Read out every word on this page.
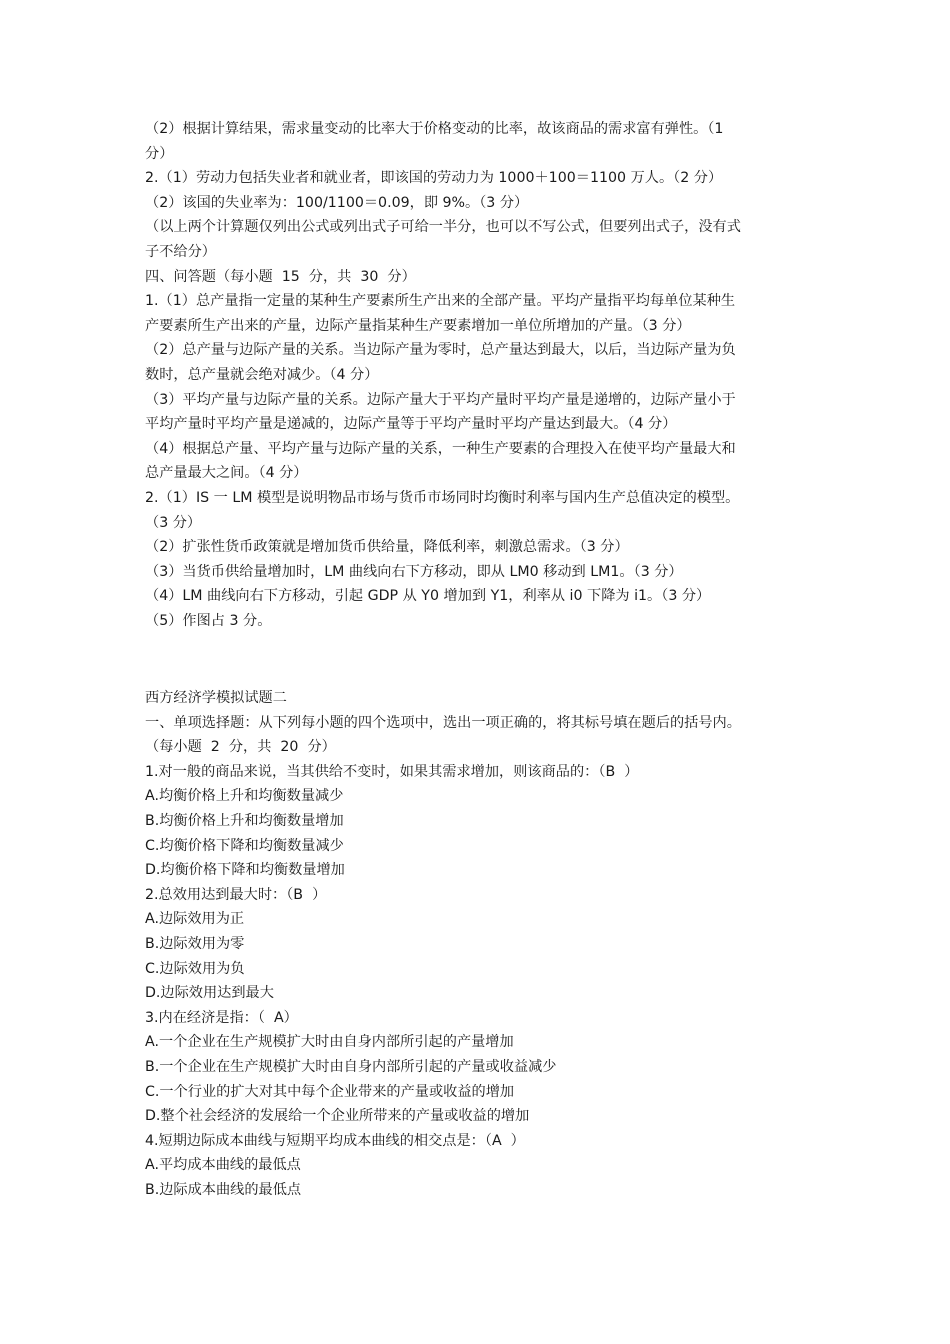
（2）根据计算结果，需求量变动的比率大于价格变动的比率，故该商品的需求富有弹性。（1
分）
2.（1）劳动力包括失业者和就业者，即该国的劳动力为 1000＋100＝1100 万人。（2 分）
（2）该国的失业率为：100/1100＝0.09，即 9%。（3 分）
（以上两个计算题仅列出公式或列出式子可给一半分，也可以不写公式，但要列出式子，没有式
子不给分）
四、问答题（每小题  15  分，共  30  分）
1.（1）总产量指一定量的某种生产要素所生产出来的全部产量。平均产量指平均每单位某种生
产要素所生产出来的产量，边际产量指某种生产要素增加一单位所增加的产量。（3 分）
（2）总产量与边际产量的关系。当边际产量为零时，总产量达到最大，以后，当边际产量为负
数时，总产量就会绝对减少。（4 分）
（3）平均产量与边际产量的关系。边际产量大于平均产量时平均产量是递增的，边际产量小于
平均产量时平均产量是递减的，边际产量等于平均产量时平均产量达到最大。（4 分）
（4）根据总产量、平均产量与边际产量的关系，一种生产要素的合理投入在使平均产量最大和
总产量最大之间。（4 分）
2.（1）IS 一 LM 模型是说明物品市场与货币市场同时均衡时利率与国内生产总值决定的模型。
（3 分）
（2）扩张性货币政策就是增加货币供给量，降低利率，刺激总需求。（3 分）
（3）当货币供给量增加时，LM 曲线向右下方移动，即从 LM0 移动到 LM1。（3 分）
（4）LM 曲线向右下方移动，引起 GDP 从 Y0 增加到 Y1，利率从 i0 下降为 i1。（3 分）
（5）作图占 3 分。
西方经济学模拟试题二
一、单项选择题：从下列每小题的四个选项中，选出一项正确的，将其标号填在题后的括号内。
（每小题  2  分，共  20  分）
1.对一般的商品来说，当其供给不变时，如果其需求增加，则该商品的：（B  ）
A.均衡价格上升和均衡数量减少
B.均衡价格上升和均衡数量增加
C.均衡价格下降和均衡数量减少
D.均衡价格下降和均衡数量增加
2.总效用达到最大时：（B  ）
A.边际效用为正
B.边际效用为零
C.边际效用为负
D.边际效用达到最大
3.内在经济是指：（  A）
A.一个企业在生产规模扩大时由自身内部所引起的产量增加
B.一个企业在生产规模扩大时由自身内部所引起的产量或收益减少
C.一个行业的扩大对其中每个企业带来的产量或收益的增加
D.整个社会经济的发展给一个企业所带来的产量或收益的增加
4.短期边际成本曲线与短期平均成本曲线的相交点是：（A  ）
A.平均成本曲线的最低点
B.边际成本曲线的最低点
